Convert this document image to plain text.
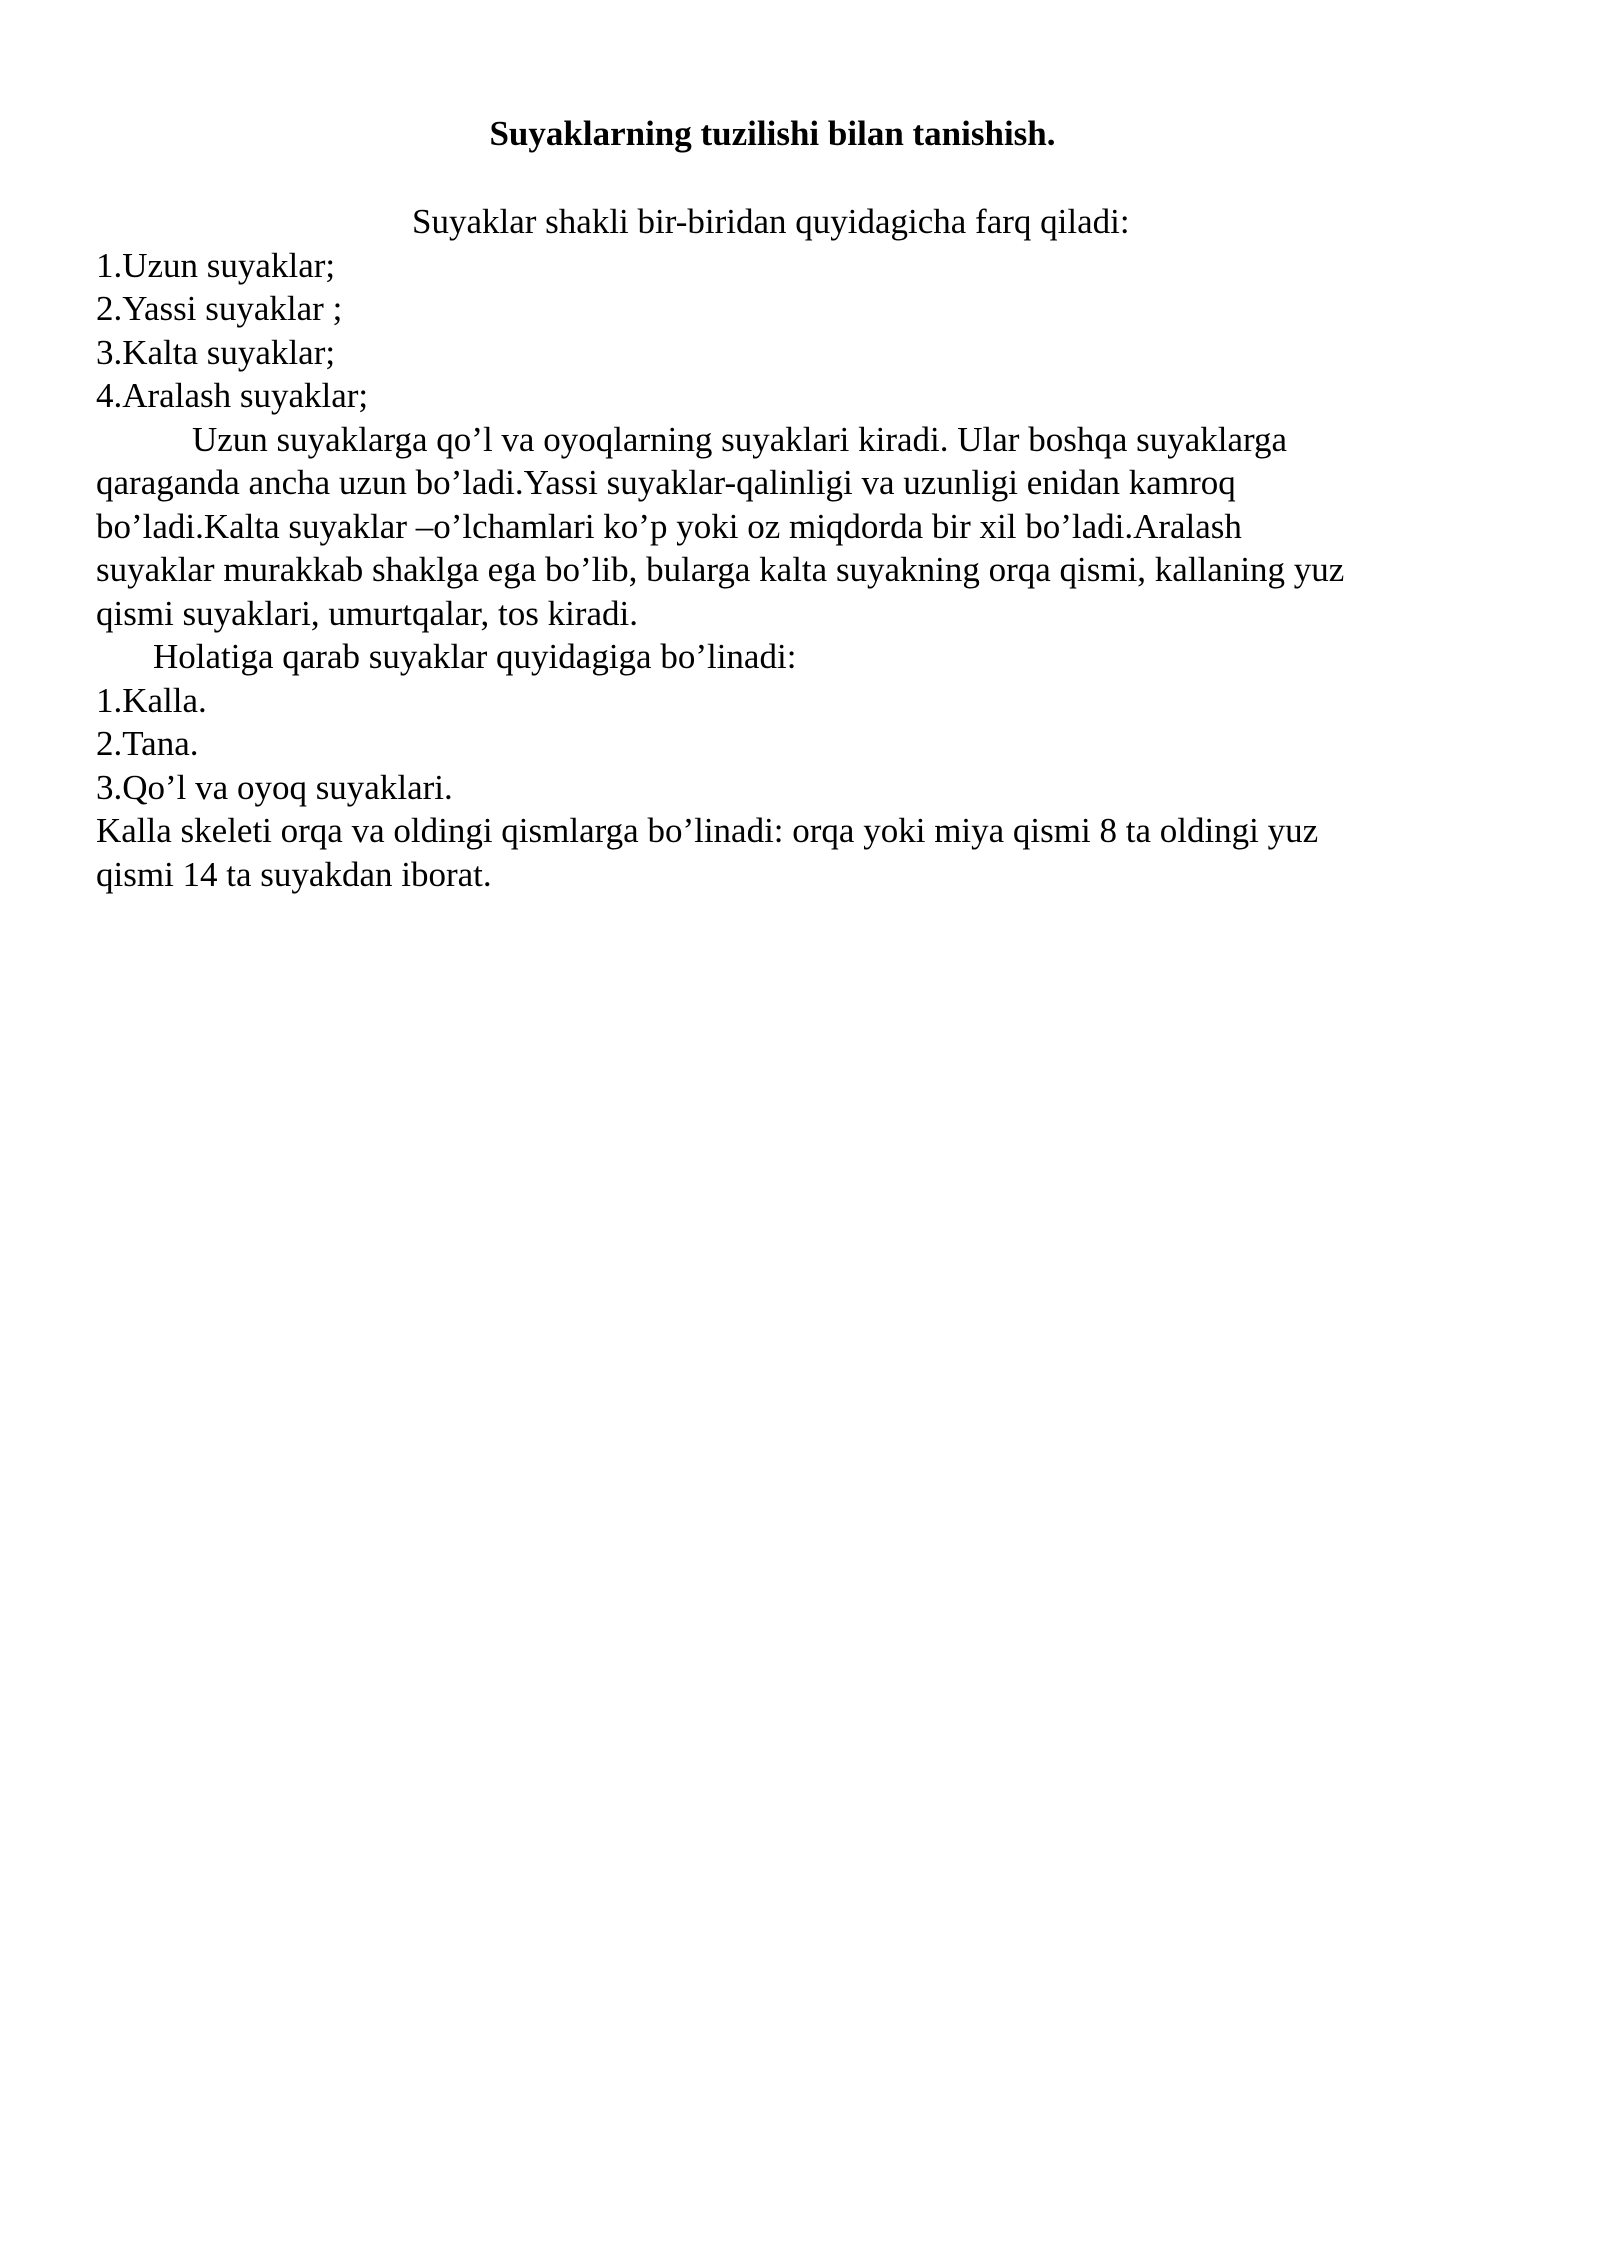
Suyaklarning tuzilishi bilan tanishish.

Suyaklar shakli bir-biridan quyidagicha farq qiladi:
1.Uzun suyaklar;
2.Yassi suyaklar ;
3.Kalta suyaklar;
4.Aralash suyaklar;
Uzun suyaklarga qo’l va oyoqlarning suyaklari kiradi. Ular boshqa suyaklarga
qaraganda ancha uzun bo’ladi.Yassi suyaklar-qalinligi va uzunligi enidan kamroq
bo’ladi.Kalta suyaklar –o’lchamlari ko’p yoki oz miqdorda bir xil bo’ladi.Aralash
suyaklar murakkab shaklga ega bo’lib, bularga kalta suyakning orqa qismi, kallaning yuz
qismi suyaklari, umurtqalar, tos kiradi.
Holatiga qarab suyaklar quyidagiga bo’linadi:
1.Kalla.
2.Tana.
3.Qo’l va oyoq suyaklari.
Kalla skeleti orqa va oldingi qismlarga bo’linadi: orqa yoki miya qismi 8 ta oldingi yuz
qismi 14 ta suyakdan iborat.
